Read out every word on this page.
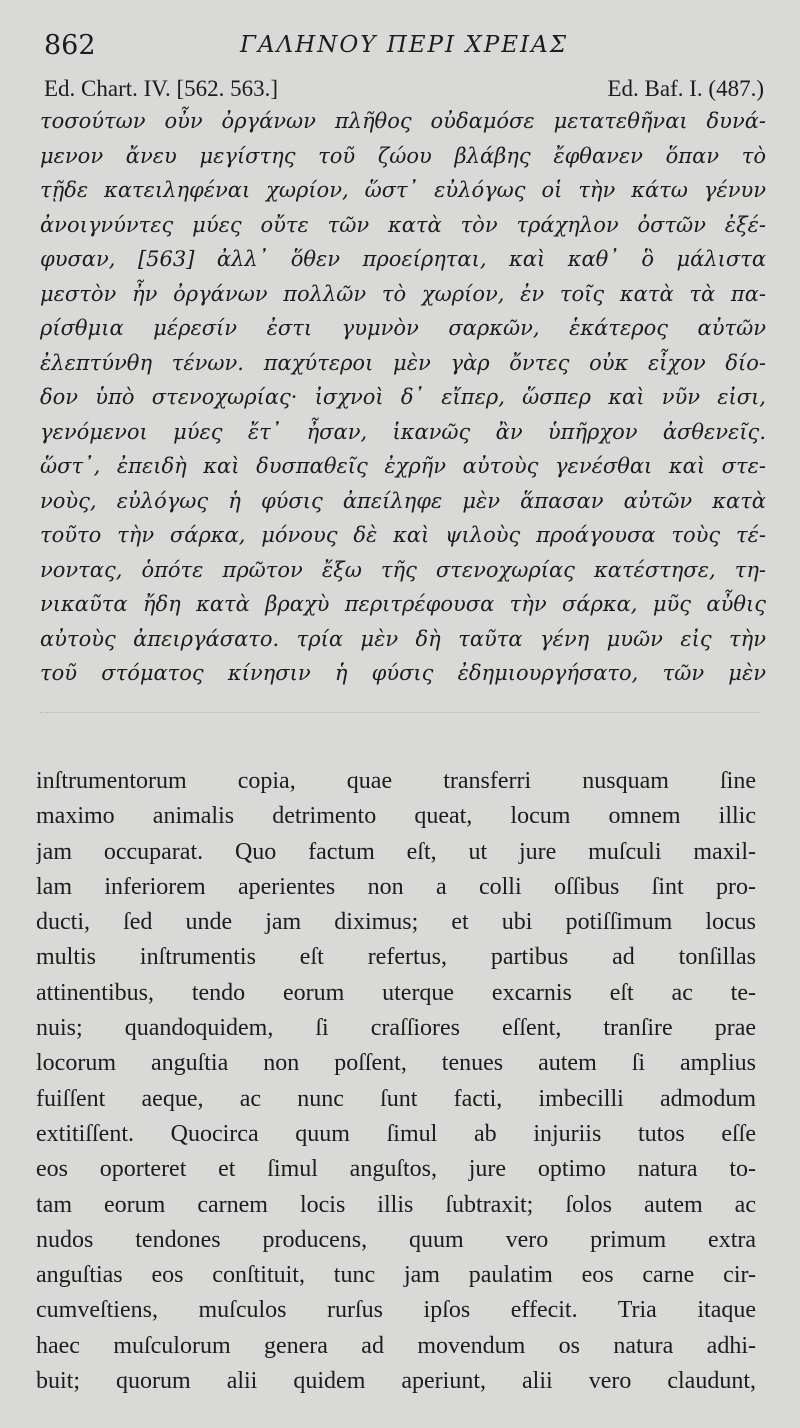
862	ΓΑΛΗΝΟΥ ΠΕΡΙ ΧΡΕΙΑΣ
Ed. Chart. IV. [562. 563.]	Ed. Baf. I. (487.)
τοσούτων οὖν ὀργάνων πλῆθος οὐδαμόσε μετατεθῆναι δυνά-
μενον ἄνευ μεγίστης τοῦ ζώου βλάβης ἔφθανεν ὅπαν τὸ
τῇδε κατειληφέναι χωρίον, ὥστ᾽ εὐλόγως οἱ τὴν κάτω γένυν
ἀνοιγνύντες μύες οὔτε τῶν κατὰ τὸν τράχηλον ὀστῶν ἐξέ-
φυσαν, [563] ἀλλ᾽ ὅθεν προείρηται, καὶ καθ᾽ ὃ μάλιστα
μεστὸν ἦν ὀργάνων πολλῶν τὸ χωρίον, ἐν τοῖς κατὰ τὰ πα-
ρίσθμια μέρεσίν ἐστι γυμνὸν σαρκῶν, ἑκάτερος αὐτῶν
ἐλεπτύνθη τένων. παχύτεροι μὲν γὰρ ὄντες οὐκ εἶχον δίο-
δον ὑπὸ στενοχωρίας· ἰσχνοὶ δ᾽ εἴπερ, ὥσπερ καὶ νῦν εἰσι,
γενόμενοι μύες ἔτ᾽ ἦσαν, ἱκανῶς ἂν ὑπῆρχον ἀσθενεῖς.
ὥστ᾽, ἐπειδὴ καὶ δυσπαθεῖς ἐχρῆν αὐτοὺς γενέσθαι καὶ στε-
νοὺς, εὐλόγως ἡ φύσις ἀπείληφε μὲν ἅπασαν αὐτῶν κατὰ
τοῦτο τὴν σάρκα, μόνους δὲ καὶ ψιλοὺς προάγουσα τοὺς τέ-
νοντας, ὁπότε πρῶτον ἔξω τῆς στενοχωρίας κατέστησε, τη-
νικαῦτα ἤδη κατὰ βραχὺ περιτρέφουσα τὴν σάρκα, μῦς αὖθις
αὐτοὺς ἀπειργάσατο. τρία μὲν δὴ ταῦτα γένη μυῶν εἰς τὴν
τοῦ στόματος κίνησιν ἡ φύσις ἐδημιουργήσατο, τῶν μὲν
inſtrumentorum copia, quae transferri nusquam ſine
maximo animalis detrimento queat, locum omnem illic
jam occuparat. Quo factum eſt, ut jure muſculi maxil-
lam inferiorem aperientes non a colli oſſibus ſint pro-
ducti, ſed unde jam diximus; et ubi potiſſimum locus
multis inſtrumentis eſt refertus, partibus ad tonſillas
attinentibus, tendo eorum uterque excarnis eſt ac te-
nuis; quandoquidem, ſi craſſiores eſſent, tranſire prae
locorum anguſtia non poſſent, tenues autem ſi amplius
fuiſſent aeque, ac nunc ſunt facti, imbecilli admodum
extitiſſent. Quocirca quum ſimul ab injuriis tutos eſſe
eos oporteret et ſimul anguſtos, jure optimo natura to-
tam eorum carnem locis illis ſubtraxit; ſolos autem ac
nudos tendones producens, quum vero primum extra
anguſtias eos conſtituit, tunc jam paulatim eos carne cir-
cumveſtiens, muſculos rurſus ipſos effecit. Tria itaque
haec muſculorum genera ad movendum os natura adhi-
buit; quorum alii quidem aperiunt, alii vero claudunt,
